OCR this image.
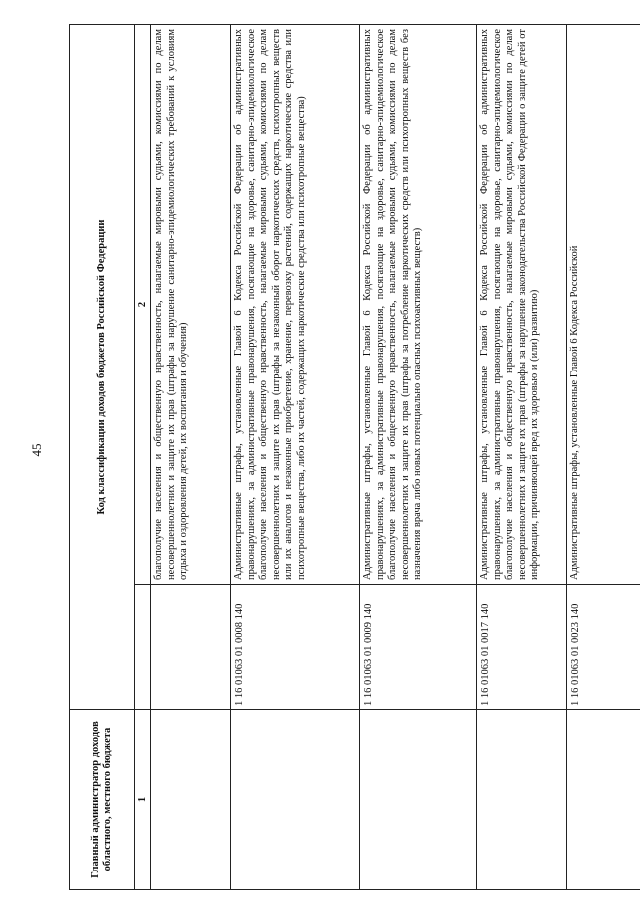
45
Главный администратор доходов областного, местного бюджета	Код классификации доходов бюджетов Российской Федерации	
1		2
		благополучие населения и общественную нравственность, налагаемые мировыми судьями, комиссиями по делам несовершеннолетних и защите их прав (штрафы за нарушение санитарно-эпидемиологических требований к условиям отдыха и оздоровления детей, их воспитания и обучения)
	1 16 01063 01 0008 140	Административные штрафы, установленные Главой 6 Кодекса Российской Федерации об административных правонарушениях, за административные правонарушения, посягающие на здоровье, санитарно-эпидемиологическое благополучие населения и общественную нравственность, налагаемые мировыми судьями, комиссиями по делам несовершеннолетних и защите их прав (штрафы за незаконный оборот наркотических средств, психотропных веществ или их аналогов и незаконные приобретение, хранение, перевозку растений, содержащих наркотические средства или психотропные вещества, либо их частей, содержащих наркотические средства или психотропные вещества)
	1 16 01063 01 0009 140	Административные штрафы, установленные Главой 6 Кодекса Российской Федерации об административных правонарушениях, за административные правонарушения, посягающие на здоровье, санитарно-эпидемиологическое благополучие населения и общественную нравственность, налагаемые мировыми судьями, комиссиями по делам несовершеннолетних и защите их прав (штрафы за потребление наркотических средств или психотропных веществ без назначения врача либо новых потенциально опасных психоактивных веществ)
	1 16 01063 01 0017 140	Административные штрафы, установленные Главой 6 Кодекса Российской Федерации об административных правонарушениях, за административные правонарушения, посягающие на здоровье, санитарно-эпидемиологическое благополучие населения и общественную нравственность, налагаемые мировыми судьями, комиссиями по делам несовершеннолетних и защите их прав (штрафы за нарушение законодательства Российской Федерации о защите детей от информации, причиняющей вред их здоровью и (или) развитию)
	1 16 01063 01 0023 140	Административные штрафы, установленные Главой 6 Кодекса Российской
